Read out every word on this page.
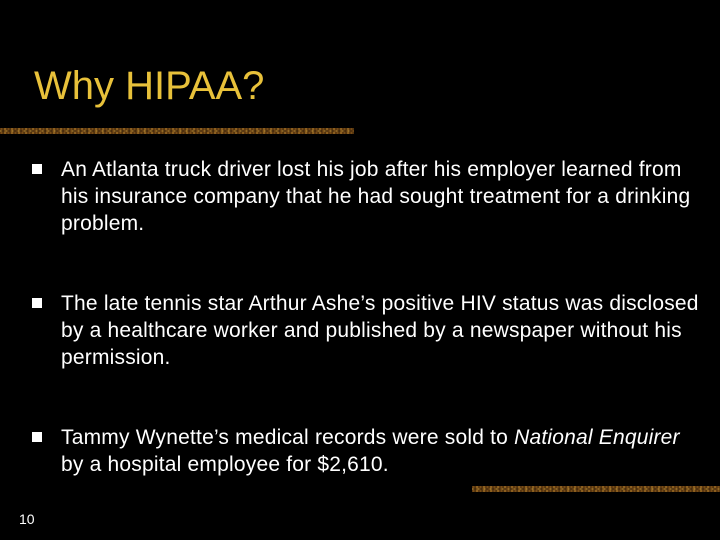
Why HIPAA?
An Atlanta truck driver lost his job after his employer learned from his insurance company that he had sought treatment for a drinking problem.
The late tennis star Arthur Ashe’s positive HIV status was disclosed by a healthcare worker and published by a newspaper without his permission.
Tammy Wynette’s medical records were sold to National Enquirer by a hospital employee for $2,610.
10
